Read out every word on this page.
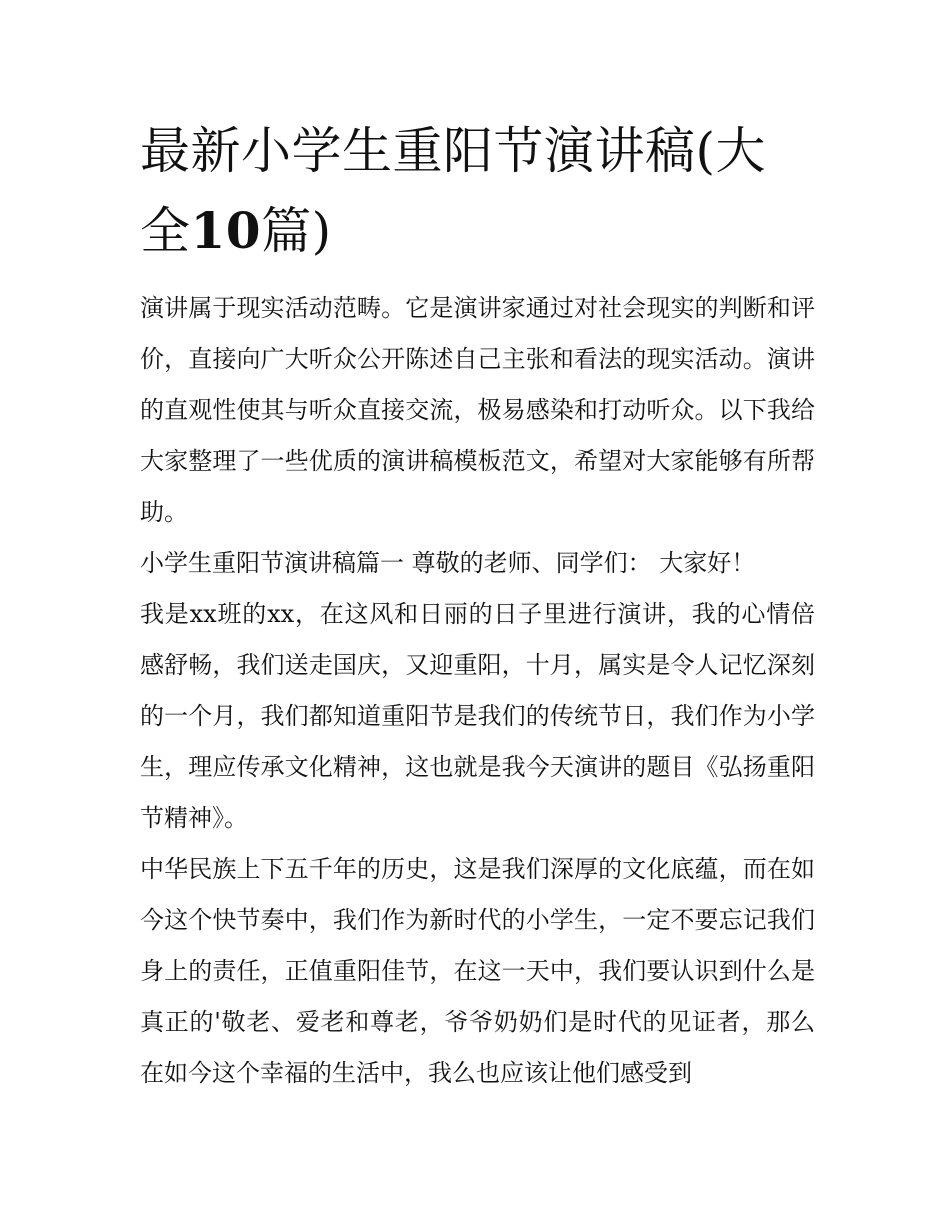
最新小学生重阳节演讲稿(大全10篇)

演讲属于现实活动范畴。它是演讲家通过对社会现实的判断和评价，直接向广大听众公开陈述自己主张和看法的现实活动。演讲的直观性使其与听众直接交流，极易感染和打动听众。以下我给大家整理了一些优质的演讲稿模板范文，希望对大家能够有所帮助。

小学生重阳节演讲稿篇一 尊敬的老师、同学们： 大家好！

我是xx班的xx，在这风和日丽的日子里进行演讲，我的心情倍感舒畅，我们送走国庆，又迎重阳，十月，属实是令人记忆深刻的一个月，我们都知道重阳节是我们的传统节日，我们作为小学生，理应传承文化精神，这也就是我今天演讲的题目《弘扬重阳节精神》。

中华民族上下五千年的历史，这是我们深厚的文化底蕴，而在如今这个快节奏中，我们作为新时代的小学生，一定不要忘记我们身上的责任，正值重阳佳节，在这一天中，我们要认识到什么是真正的'敬老、爱老和尊老，爷爷奶奶们是时代的见证者，那么在如今这个幸福的生活中，我么也应该让他们感受到
